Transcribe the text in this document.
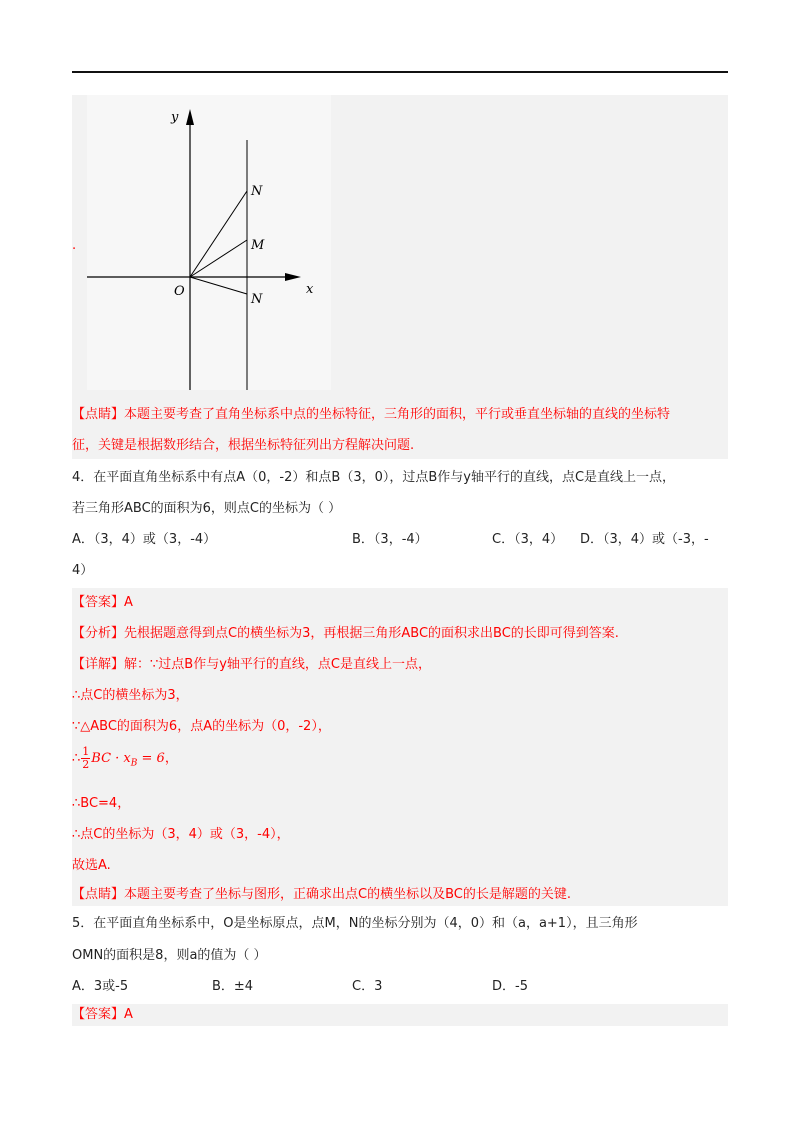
.
y
x
O
N
M
N
【点睛】本题主要考查了直角坐标系中点的坐标特征，三角形的面积，平行或垂直坐标轴的直线的坐标特
征，关键是根据数形结合，根据坐标特征列出方程解决问题.
4．在平面直角坐标系中有点A（0，-2）和点B（3，0），过点B作与y轴平行的直线，点C是直线上一点，
若三角形ABC的面积为6，则点C的坐标为（ ）
A．（3，4）或（3，-4）	B．（3，-4）	C．（3，4） D．（3，4）或（-3，-
4）
【答案】A
【分析】先根据题意得到点C的横坐标为3，再根据三角形ABC的面积求出BC的长即可得到答案.
【详解】解：∵过点B作与y轴平行的直线，点C是直线上一点，
∴点C的横坐标为3，
∵△ABC的面积为6，点A的坐标为（0，-2），
∴ $\frac{1}{2}$ BC · $x_B = 6$，
∴BC=4，
∴点C的坐标为（3，4）或（3，-4），
故选A.
【点睛】本题主要考查了坐标与图形，正确求出点C的横坐标以及BC的长是解题的关键.
5．在平面直角坐标系中，O是坐标原点，点M，N的坐标分别为（4，0）和（a，a+1），且三角形
OMN的面积是8，则a的值为（ ）
A．3或-5	B．±4	C．3	D．-5
【答案】A
